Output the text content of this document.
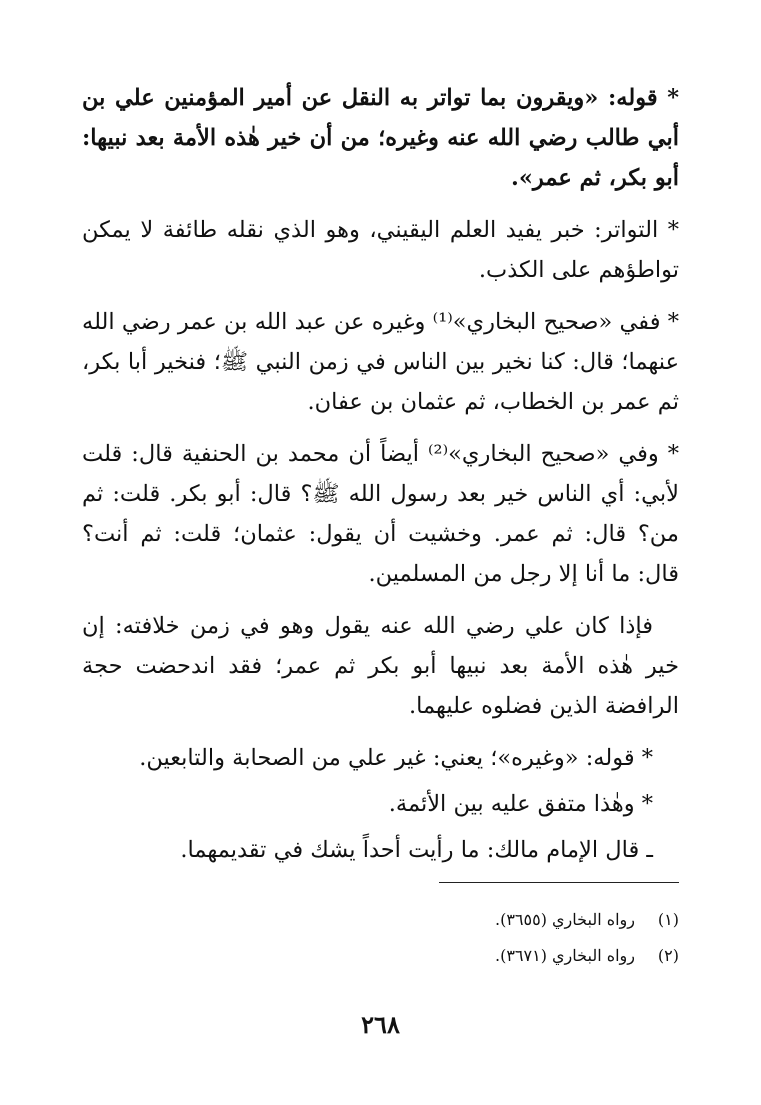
* قوله: «ويقرون بما تواتر به النقل عن أمير المؤمنين علي بن أبي طالب رضي الله عنه وغيره؛ من أن خير هٰذه الأمة بعد نبيها: أبو بكر، ثم عمر».

* التواتر: خبر يفيد العلم اليقيني، وهو الذي نقله طائفة لا يمكن تواطؤهم على الكذب.

* ففي «صحيح البخاري»⁽¹⁾ وغيره عن عبد الله بن عمر رضي الله عنهما؛ قال: كنا نخير بين الناس في زمن النبي ﷺ؛ فنخير أبا بكر، ثم عمر بن الخطاب، ثم عثمان بن عفان.

* وفي «صحيح البخاري»⁽²⁾ أيضاً أن محمد بن الحنفية قال: قلت لأبي: أي الناس خير بعد رسول الله ﷺ؟ قال: أبو بكر. قلت: ثم من؟ قال: ثم عمر. وخشيت أن يقول: عثمان؛ قلت: ثم أنت؟ قال: ما أنا إلا رجل من المسلمين.

فإذا كان علي رضي الله عنه يقول وهو في زمن خلافته: إن خير هٰذه الأمة بعد نبيها أبو بكر ثم عمر؛ فقد اندحضت حجة الرافضة الذين فضلوه عليهما.

* قوله: «وغيره»؛ يعني: غير علي من الصحابة والتابعين.

* وهٰذا متفق عليه بين الأئمة.

ـ قال الإمام مالك: ما رأيت أحداً يشك في تقديمهما.

(١)
رواه البخاري (٣٦٥٥).
(٢)
رواه البخاري (٣٦٧١).
٢٦٨
